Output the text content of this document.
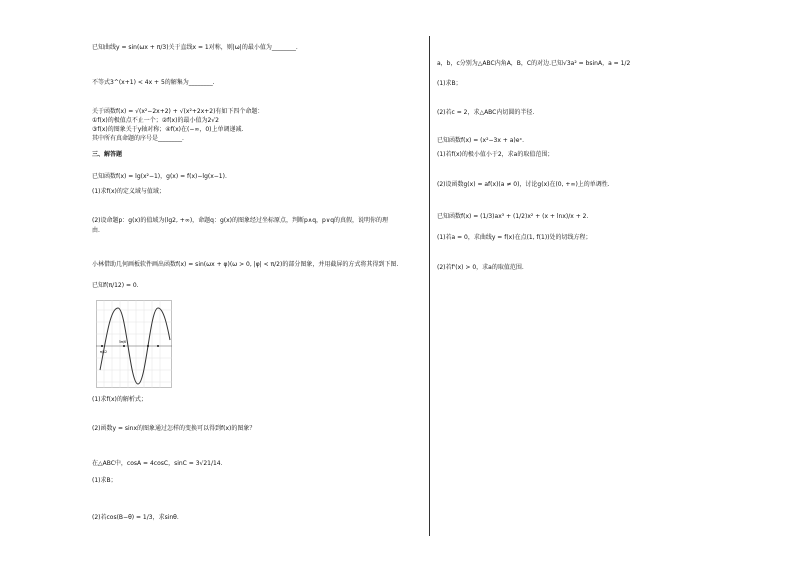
已知曲线y = sin(ωx + π/3)关于直线x = 1对称，则|ω|的最小值为________.
不等式3^(x+1) < 4x + 5的解集为________.
关于函数f(x) = √(x²−2x+2) + √(x²+2x+2)有如下四个命题：
①f(x)的极值点不止一个；②f(x)的最小值为2√2
③f(x)的图象关于y轴对称；④f(x)在(−∞，0)上单调递减.
其中所有真命题的序号是________.
三、解答题
已知函数f(x) = lg(x²−1)，g(x) = f(x)−lg(x−1).
(1)求f(x)的定义域与值域；
(2)设命题p：g(x)的值域为(lg2, +∞)，命题q：g(x)的图象经过坐标原点，判断p∧q，p∨q的真假，说明你的理
由.
小林借助几何画板软件画出函数f(x) = sin(ωx + φ)(ω > 0, |φ| < π/2)的部分图象，并用截屏的方式将其得到下图.
已知f(π/12) = 0.
π/12
5π/6
(1)求f(x)的解析式；
(2)函数y = sinx的图象通过怎样的变换可以得到f(x)的图象？
在△ABC中，cosA = 4cosC，sinC = 3√21/14.
(1)求B；
(2)若cos(B−θ) = 1/3，求sinθ.
a，b，c分别为△ABC内角A，B，C的对边.已知√3a² = bsinA，a = 1/2
(1)求B；
(2)若c = 2，求△ABC内切圆的半径.
已知函数f(x) = (x²−3x + a)eˣ.
(1)若f(x)的极小值小于2，求a的取值范围；
(2)设函数g(x) = af(x)(a ≠ 0)，讨论g(x)在(0, +∞)上的单调性.
已知函数f(x) = (1/3)ax³ + (1/2)x² + (x + lnx)/x + 2.
(1)若a = 0，求曲线y = f(x)在点(1, f(1))处的切线方程；
(2)若f'(x) > 0，求a的取值范围.
